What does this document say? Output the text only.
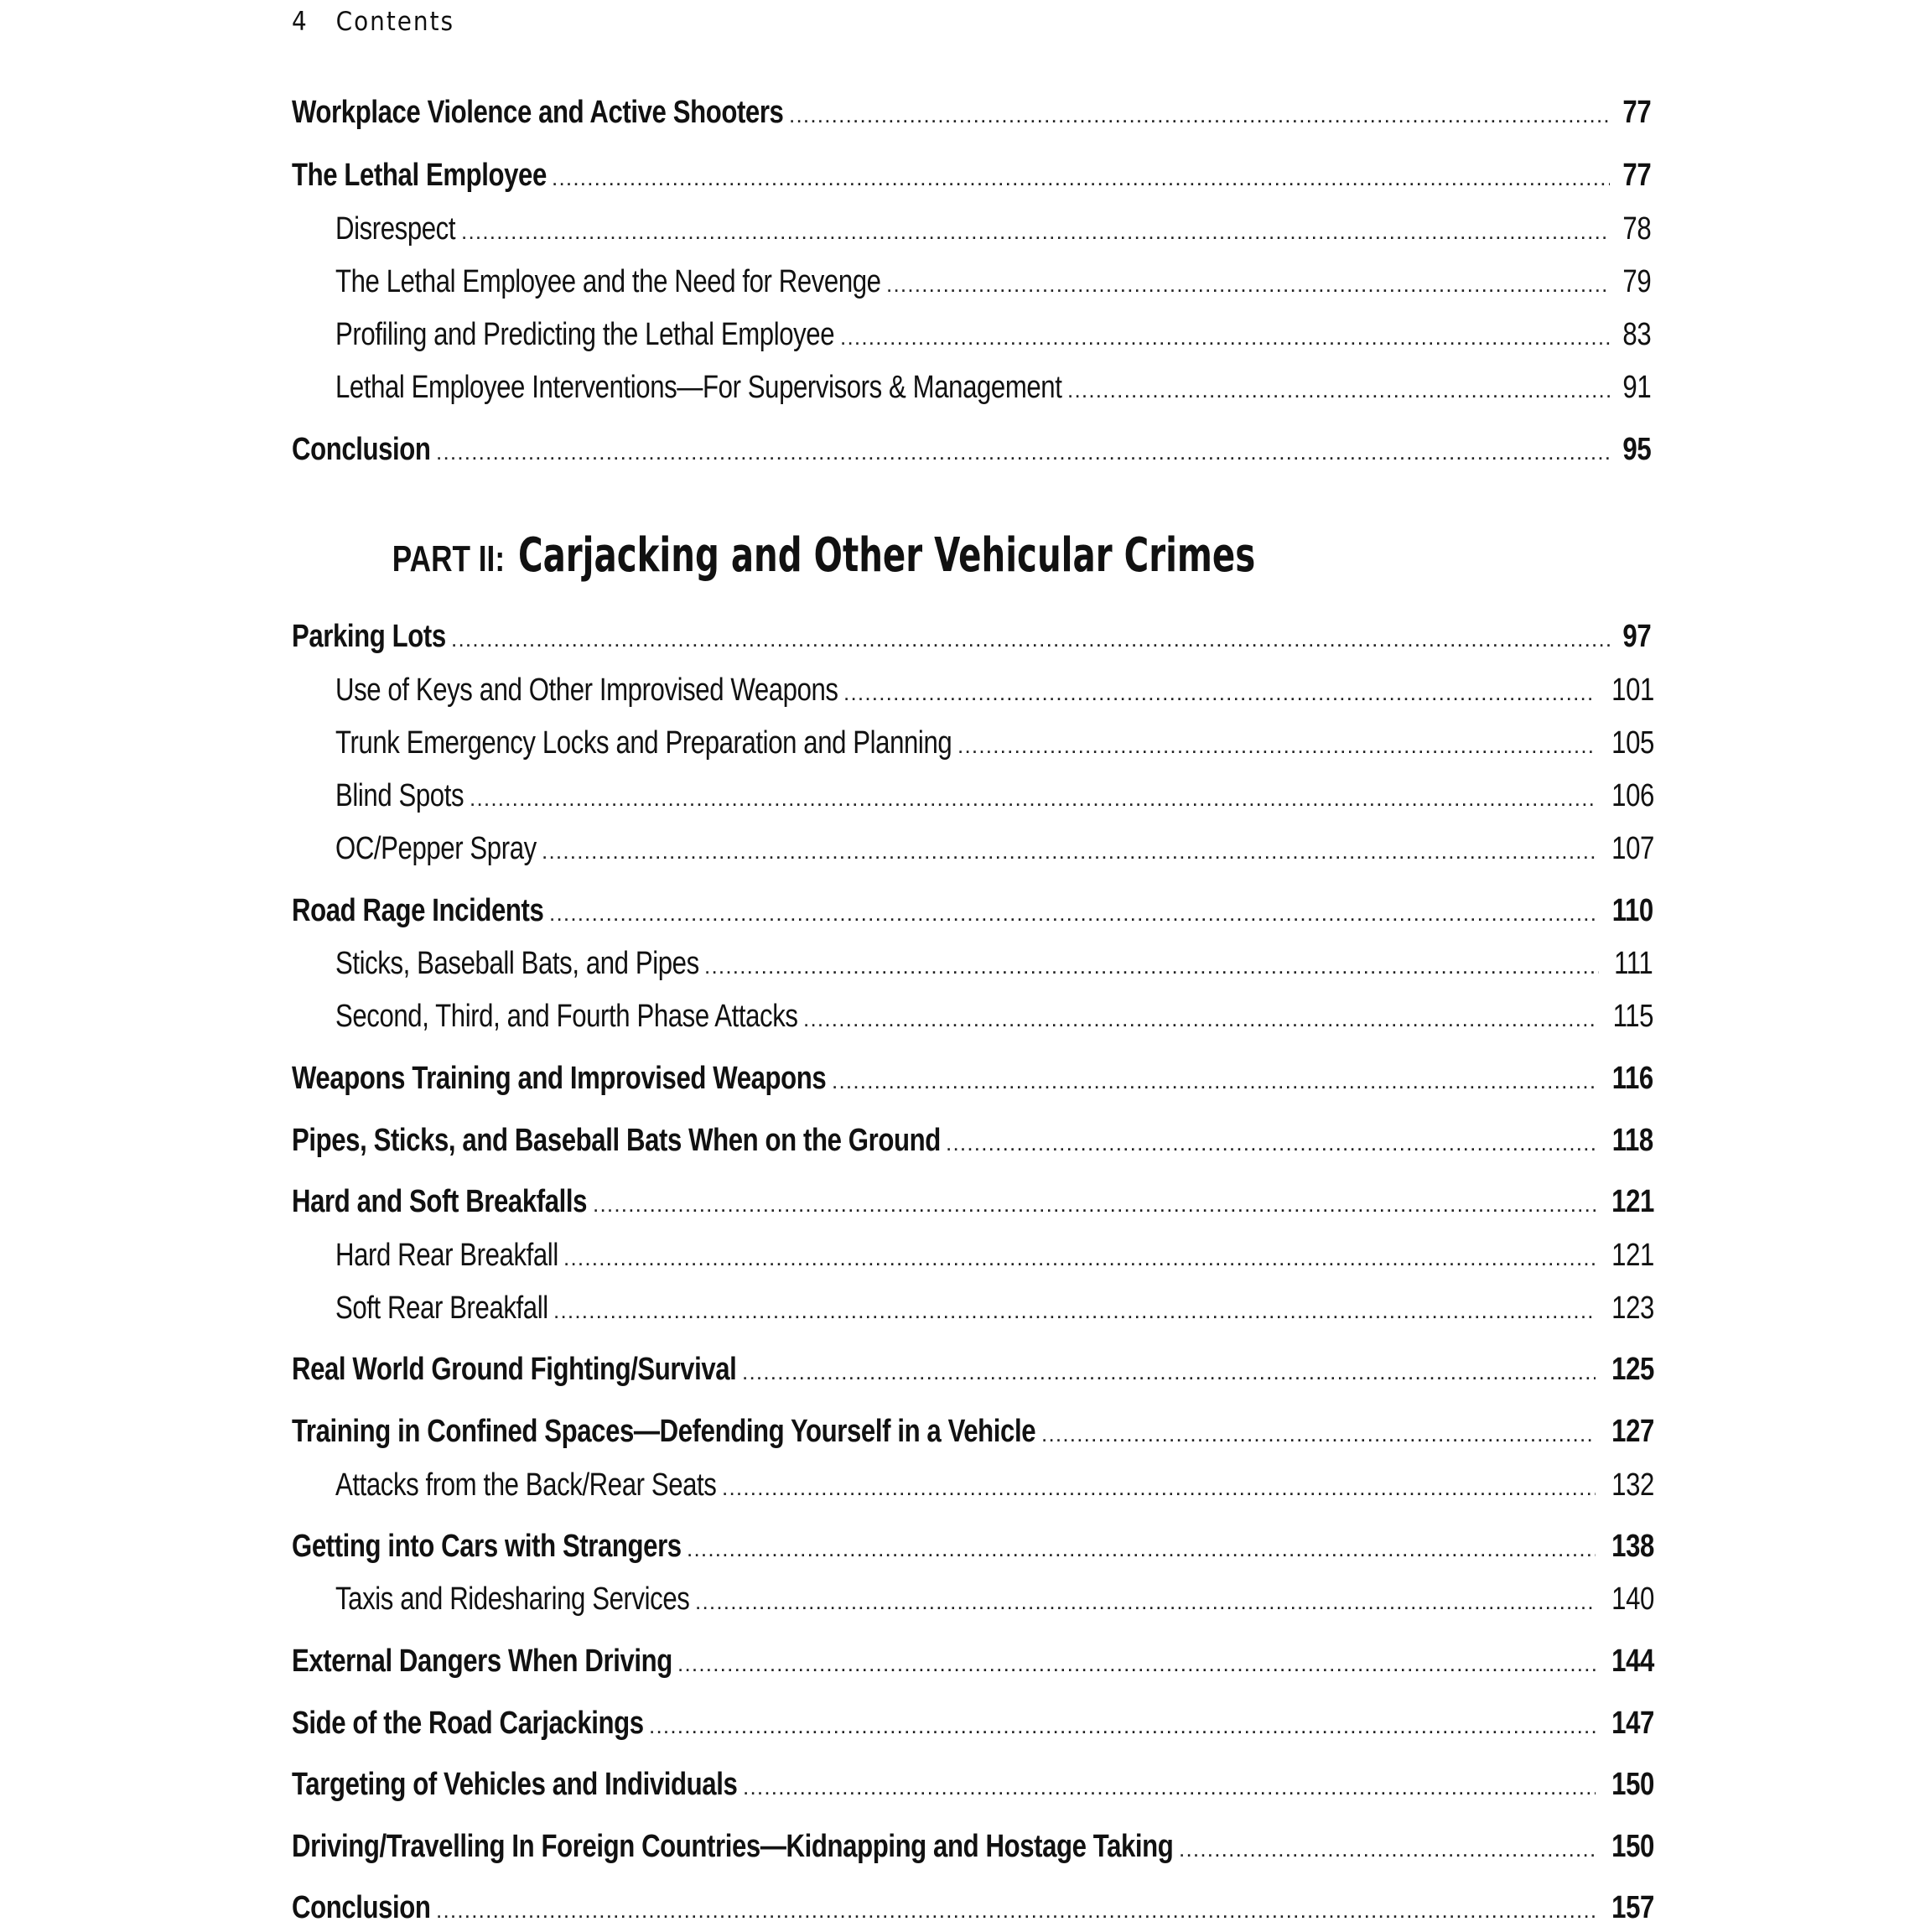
4 Contents
Workplace Violence and Active Shooters . . .	77
The Lethal Employee . . .	77
Disrespect . . .	78
The Lethal Employee and the Need for Revenge . . .	79
Profiling and Predicting the Lethal Employee . . .	83
Lethal Employee Interventions—For Supervisors & Management . . .	91
Conclusion . . .	95
PART II: Carjacking and Other Vehicular Crimes
Parking Lots . . .	97
Use of Keys and Other Improvised Weapons . . .	101
Trunk Emergency Locks and Preparation and Planning . . .	105
Blind Spots . . .	106
OC/Pepper Spray . . .	107
Road Rage Incidents . . .	110
Sticks, Baseball Bats, and Pipes . . .	111
Second, Third, and Fourth Phase Attacks . . .	115
Weapons Training and Improvised Weapons . . .	116
Pipes, Sticks, and Baseball Bats When on the Ground . . .	118
Hard and Soft Breakfalls . . .	121
Hard Rear Breakfall . . .	121
Soft Rear Breakfall . . .	123
Real World Ground Fighting/Survival . . .	125
Training in Confined Spaces—Defending Yourself in a Vehicle . . .	127
Attacks from the Back/Rear Seats . . .	132
Getting into Cars with Strangers . . .	138
Taxis and Ridesharing Services . . .	140
External Dangers When Driving . . .	144
Side of the Road Carjackings . . .	147
Targeting of Vehicles and Individuals . . .	150
Driving/Travelling In Foreign Countries—Kidnapping and Hostage Taking . . .	150
Conclusion . . .	157
